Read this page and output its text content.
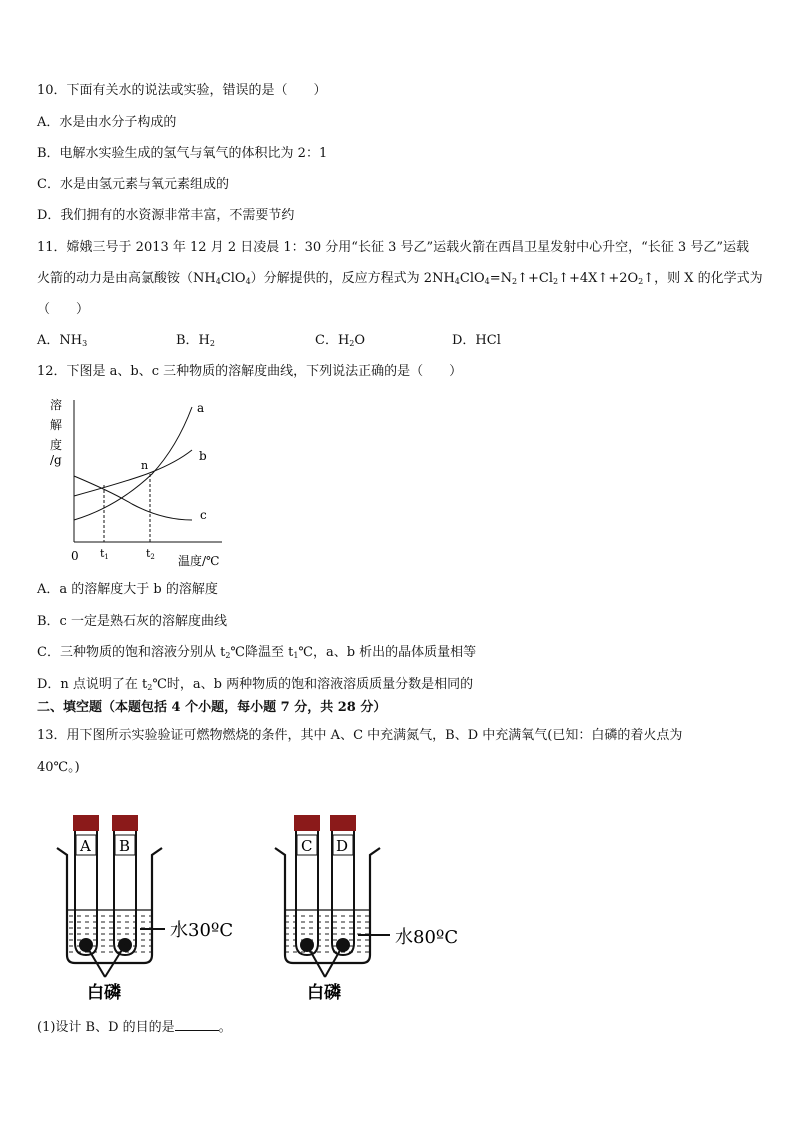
10．下面有关水的说法或实验，错误的是（　　）
A．水是由水分子构成的
B．电解水实验生成的氢气与氧气的体积比为 2：1
C．水是由氢元素与氧元素组成的
D．我们拥有的水资源非常丰富，不需要节约
11．嫦娥三号于 2013 年 12 月 2 日凌晨 1：30 分用“长征 3 号乙”运载火箭在西昌卫星发射中心升空，“长征 3 号乙”运载
火箭的动力是由高氯酸铵$(NH_4ClO_4)$分解提供的，反应方程式为 $2NH_4ClO_4=N_2↑+Cl_2↑+4X↑+2O_2↑$，则 X 的化学式为
（　　）
A．$NH_3$	B．$H_2$	C．$H_2O$	D．HCl
12．下图是 a、b、c 三种物质的溶解度曲线，下列说法正确的是（　　）
溶
解
度
/g
a
b
c
n
0 t1	t2 温度/℃
A．a 的溶解度大于 b 的溶解度
B．c 一定是熟石灰的溶解度曲线
C．三种物质的饱和溶液分别从 $t_2℃$降温至 $t_1℃$，a、b 析出的晶体质量相等
D．n 点说明了在 $t_2℃$时，a、b 两种物质的饱和溶液溶质质量分数是相同的
二、填空题（本题包括 4 个小题，每小题 7 分，共 28 分）
13．用下图所示实验验证可燃物燃烧的条件，其中 A、C 中充满氮气，B、D 中充满氧气(已知：白磷的着火点为
40℃。)
A B
水30ºC
白磷
C D
水80ºC
白磷
(1)设计 B、D 的目的是	。
